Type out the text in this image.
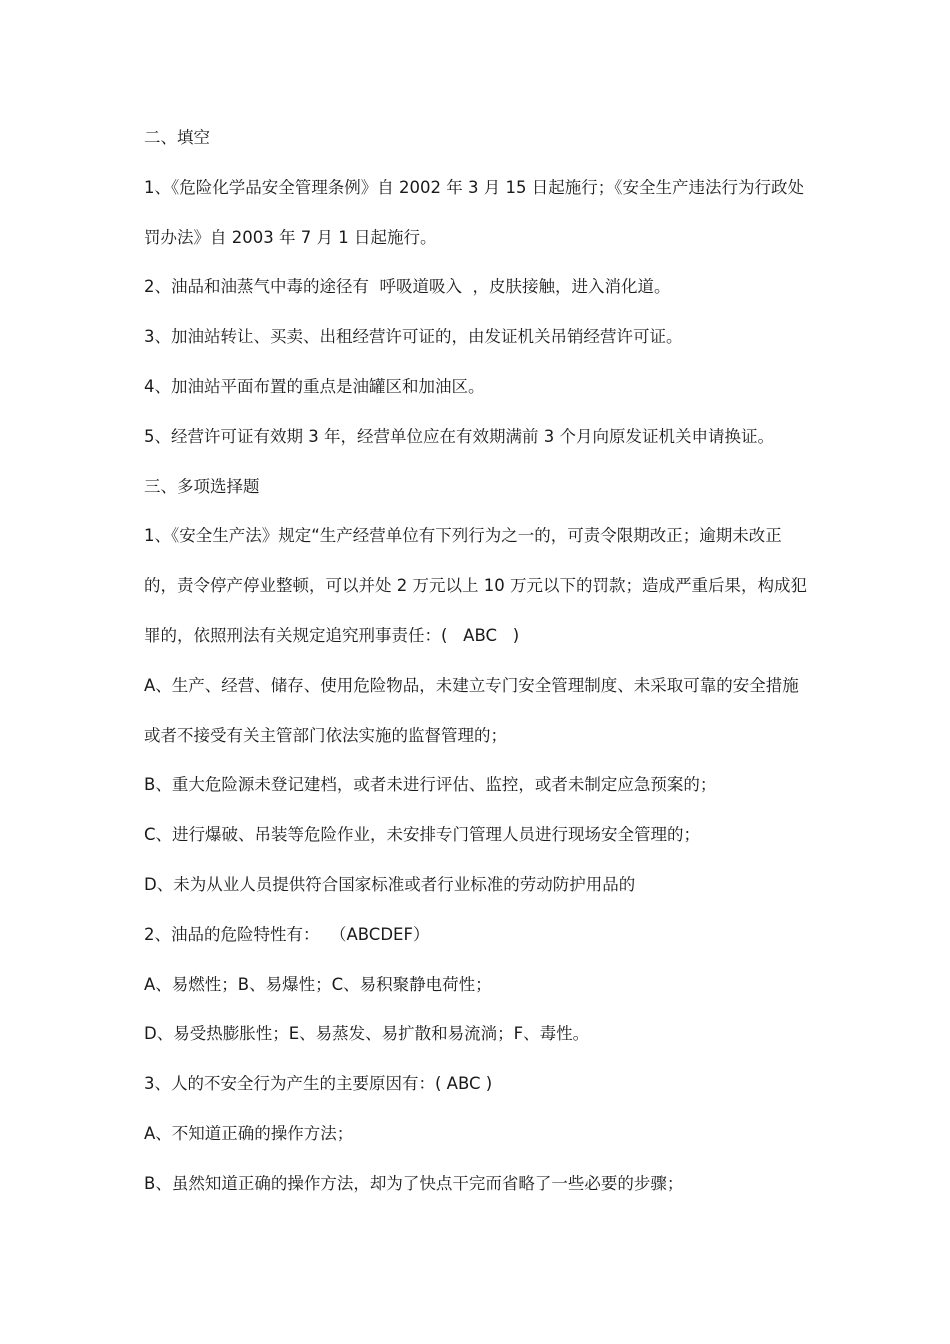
二、填空
1、《危险化学品安全管理条例》自 2002 年 3 月 15 日起施行；《安全生产违法行为行政处
罚办法》自 2003 年 7 月 1 日起施行。
2、油品和油蒸气中毒的途径有  呼吸道吸入  ，皮肤接触，进入消化道。
3、加油站转让、买卖、出租经营许可证的，由发证机关吊销经营许可证。
4、加油站平面布置的重点是油罐区和加油区。
5、经营许可证有效期 3 年，经营单位应在有效期满前 3 个月向原发证机关申请换证。
三、多项选择题
1、《安全生产法》规定“生产经营单位有下列行为之一的，可责令限期改正；逾期未改正
的，责令停产停业整顿，可以并处 2 万元以上 10 万元以下的罚款；造成严重后果，构成犯
罪的，依照刑法有关规定追究刑事责任：(   ABC   )
A、生产、经营、储存、使用危险物品，未建立专门安全管理制度、未采取可靠的安全措施
或者不接受有关主管部门依法实施的监督管理的；
B、重大危险源未登记建档，或者未进行评估、监控，或者未制定应急预案的；
C、进行爆破、吊装等危险作业，未安排专门管理人员进行现场安全管理的；
D、未为从业人员提供符合国家标准或者行业标准的劳动防护用品的
2、油品的危险特性有：  （ABCDEF）
A、易燃性；B、易爆性；C、易积聚静电荷性；
D、易受热膨胀性；E、易蒸发、易扩散和易流淌；F、毒性。
3、人的不安全行为产生的主要原因有：( ABC )
A、不知道正确的操作方法；
B、虽然知道正确的操作方法，却为了快点干完而省略了一些必要的步骤；
